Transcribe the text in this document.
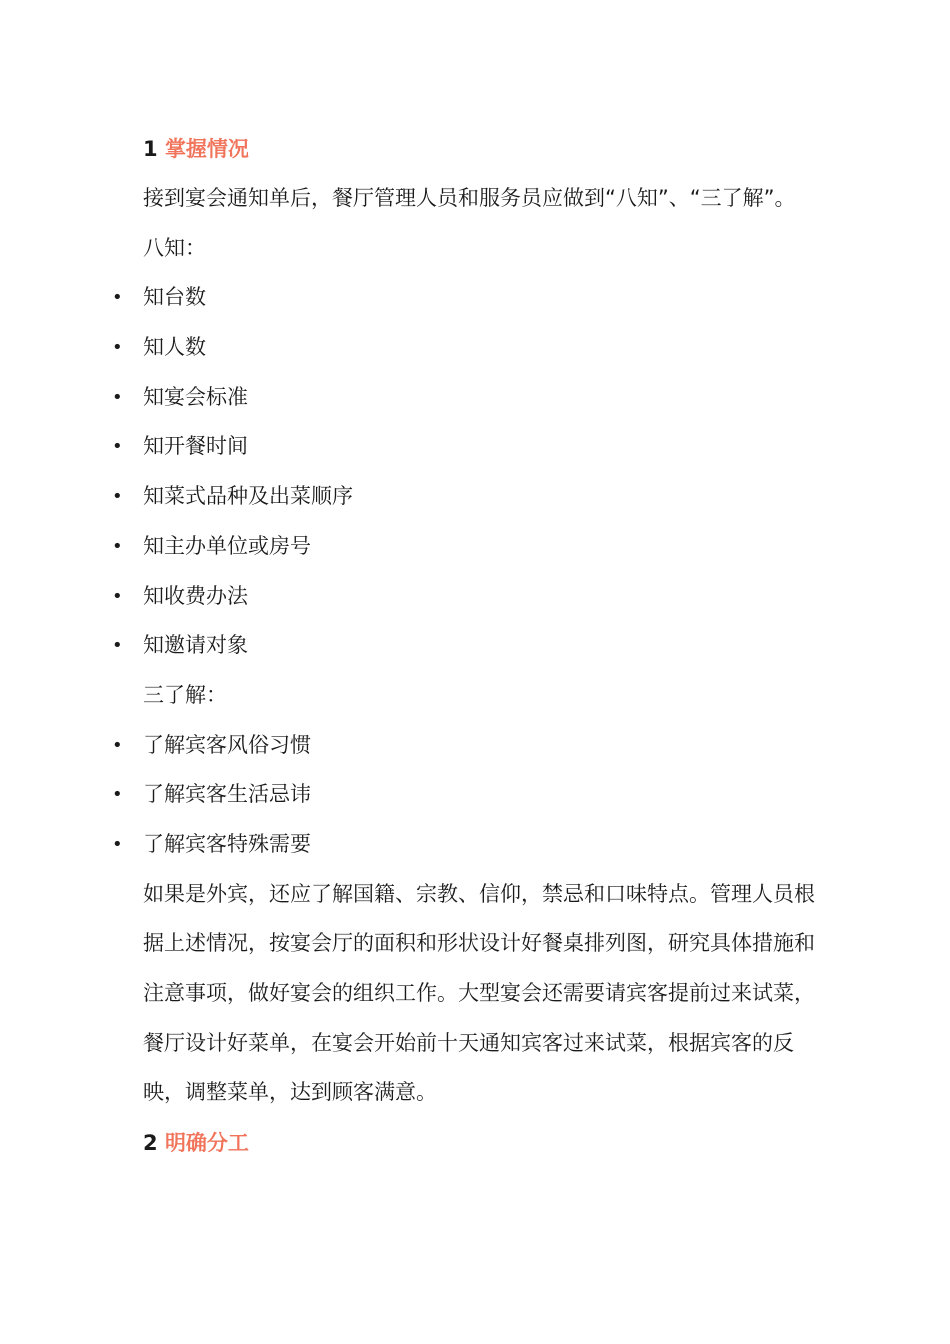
1 掌握情况

接到宴会通知单后，餐厅管理人员和服务员应做到“八知”、“三了解”。

八知：
• 知台数
• 知人数
• 知宴会标准
• 知开餐时间
• 知菜式品种及出菜顺序
• 知主办单位或房号
• 知收费办法
• 知邀请对象
三了解：
• 了解宾客风俗习惯
• 了解宾客生活忌讳
• 了解宾客特殊需要

如果是外宾，还应了解国籍、宗教、信仰，禁忌和口味特点。管理人员根据上述情况，按宴会厅的面积和形状设计好餐桌排列图，研究具体措施和注意事项，做好宴会的组织工作。大型宴会还需要请宾客提前过来试菜，餐厅设计好菜单，在宴会开始前十天通知宾客过来试菜，根据宾客的反映，调整菜单，达到顾客满意。

2 明确分工
